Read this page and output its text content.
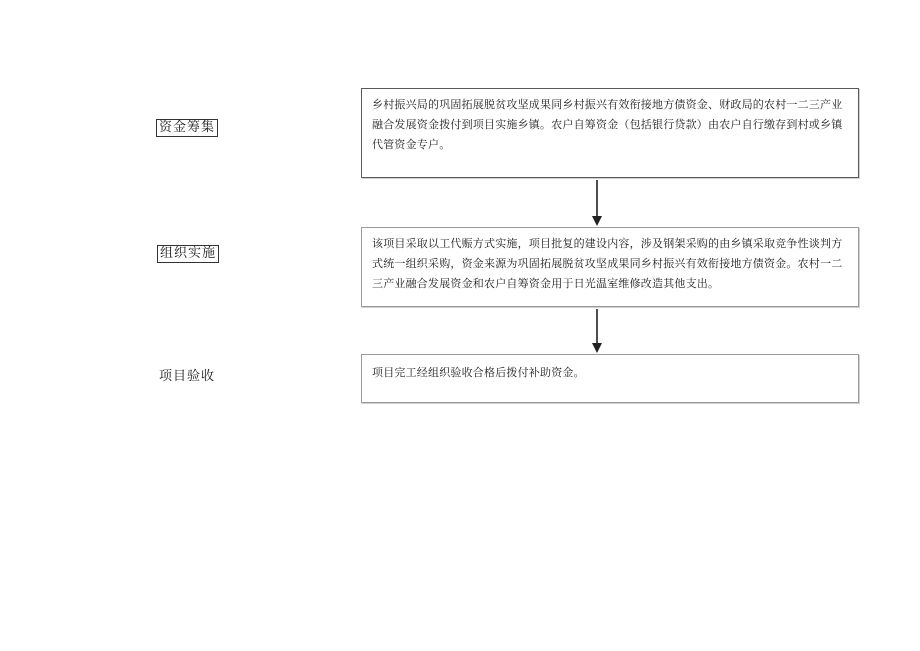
资金筹集
组织实施
项目验收
乡村振兴局的巩固拓展脱贫攻坚成果同乡村振兴有效衔接地方债资金、财政局的农村一二三产业融合发展资金拨付到项目实施乡镇。农户自筹资金（包括银行贷款）由农户自行缴存到村或乡镇代管资金专户。
该项目采取以工代赈方式实施，项目批复的建设内容，涉及钢架采购的由乡镇采取竞争性谈判方式统一组织采购，资金来源为巩固拓展脱贫攻坚成果同乡村振兴有效衔接地方债资金。农村一二三产业融合发展资金和农户自筹资金用于日光温室维修改造其他支出。
项目完工经组织验收合格后拨付补助资金。
